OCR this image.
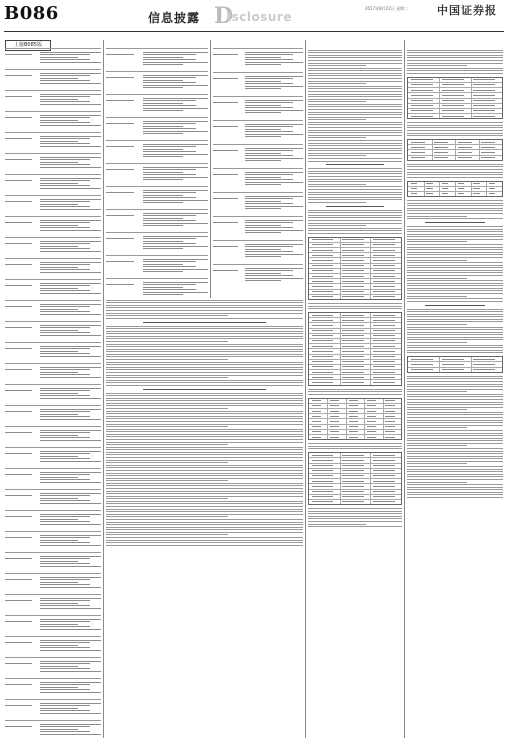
B086	信息披露 D
isclosure
2017年8月22日 星期二	中国证券报
上接B085版
